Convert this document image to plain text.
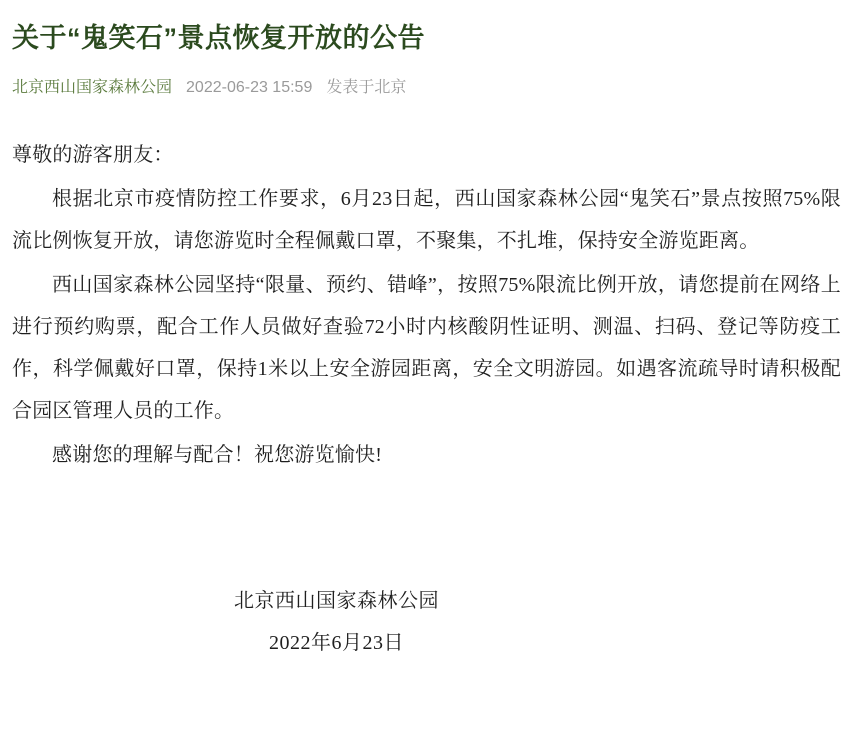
关于“鬼笑石”景点恢复开放的公告
北京西山国家森林公园 2022-06-23 15:59 发表于北京

尊敬的游客朋友：

根据北京市疫情防控工作要求，6月23日起，西山国家森林公园“鬼笑石”景点按照75%限流比例恢复开放，请您游览时全程佩戴口罩，不聚集，不扎堆，保持安全游览距离。

西山国家森林公园坚持“限量、预约、错峰”，按照75%限流比例开放，请您提前在网络上进行预约购票，配合工作人员做好查验72小时内核酸阴性证明、测温、扫码、登记等防疫工作，科学佩戴好口罩，保持1米以上安全游园距离，安全文明游园。如遇客流疏导时请积极配合园区管理人员的工作。

感谢您的理解与配合！祝您游览愉快!

北京西山国家森林公园
2022年6月23日
